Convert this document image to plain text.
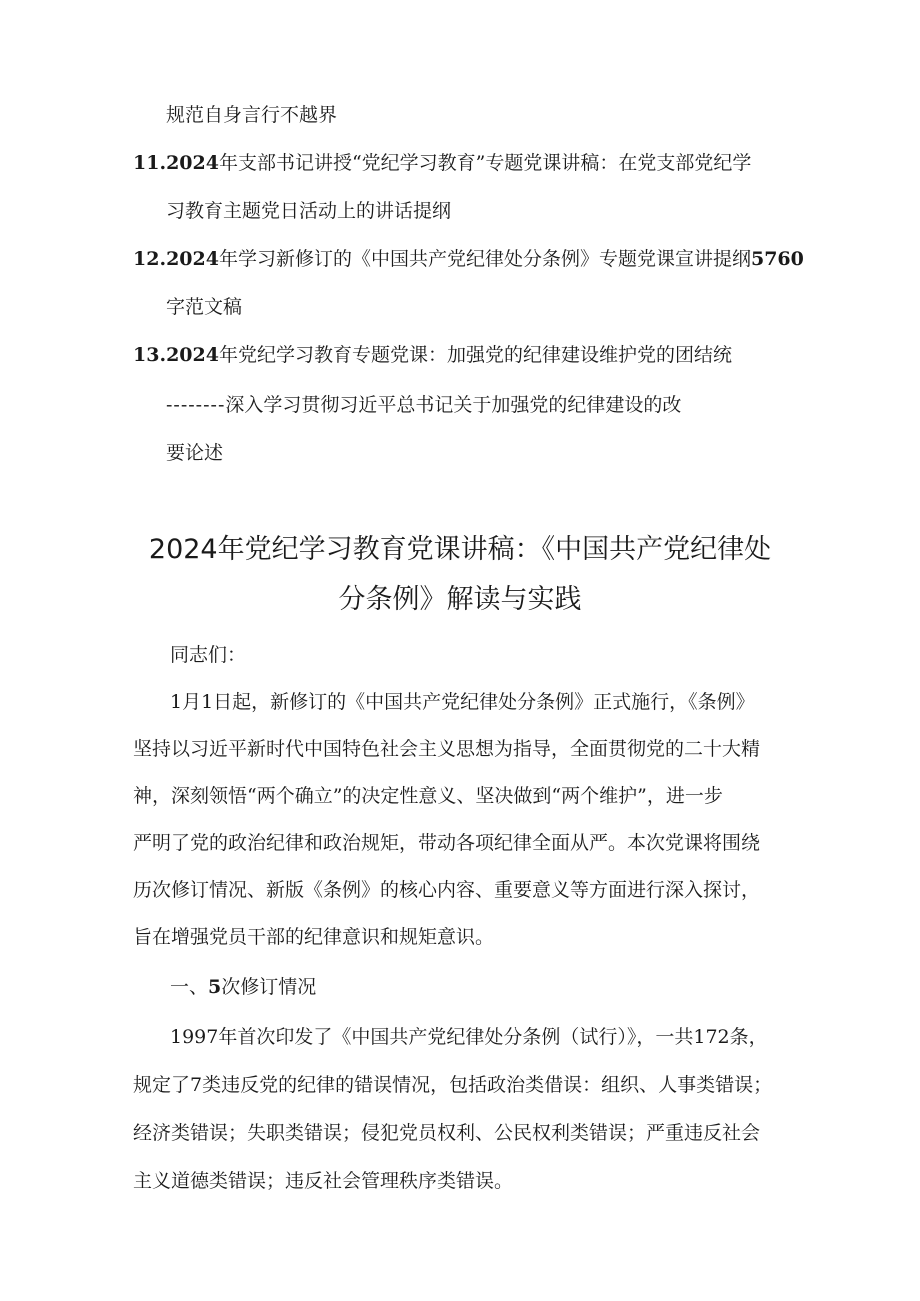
规范自身言行不越界
11.2024年支部书记讲授“党纪学习教育”专题党课讲稿：在党支部党纪学
习教育主题党日活动上的讲话提纲
12.2024年学习新修订的《中国共产党纪律处分条例》专题党课宣讲提纲5760
字范文稿
13.2024年党纪学习教育专题党课：加强党的纪律建设维护党的团结统
--------深入学习贯彻习近平总书记关于加强党的纪律建设的改
要论述
2024年党纪学习教育党课讲稿：《中国共产党纪律处
分条例》解读与实践
同志们：
1月1日起，新修订的《中国共产党纪律处分条例》正式施行，《条例》
坚持以习近平新时代中国特色社会主义思想为指导，全面贯彻党的二十大精
神，深刻领悟“两个确立”的决定性意义、坚决做到“两个维护”，进一步
严明了党的政治纪律和政治规矩，带动各项纪律全面从严。本次党课将围绕
历次修订情况、新版《条例》的核心内容、重要意义等方面进行深入探讨，
旨在增强党员干部的纪律意识和规矩意识。
一、5次修订情况
1997年首次印发了《中国共产党纪律处分条例（试行）》，一共172条，
规定了7类违反党的纪律的错误情况，包括政治类借误：组织、人事类错误；
经济类错误；失职类错误；侵犯党员权利、公民权利类错误；严重违反社会
主义道德类错误；违反社会管理秩序类错误。
